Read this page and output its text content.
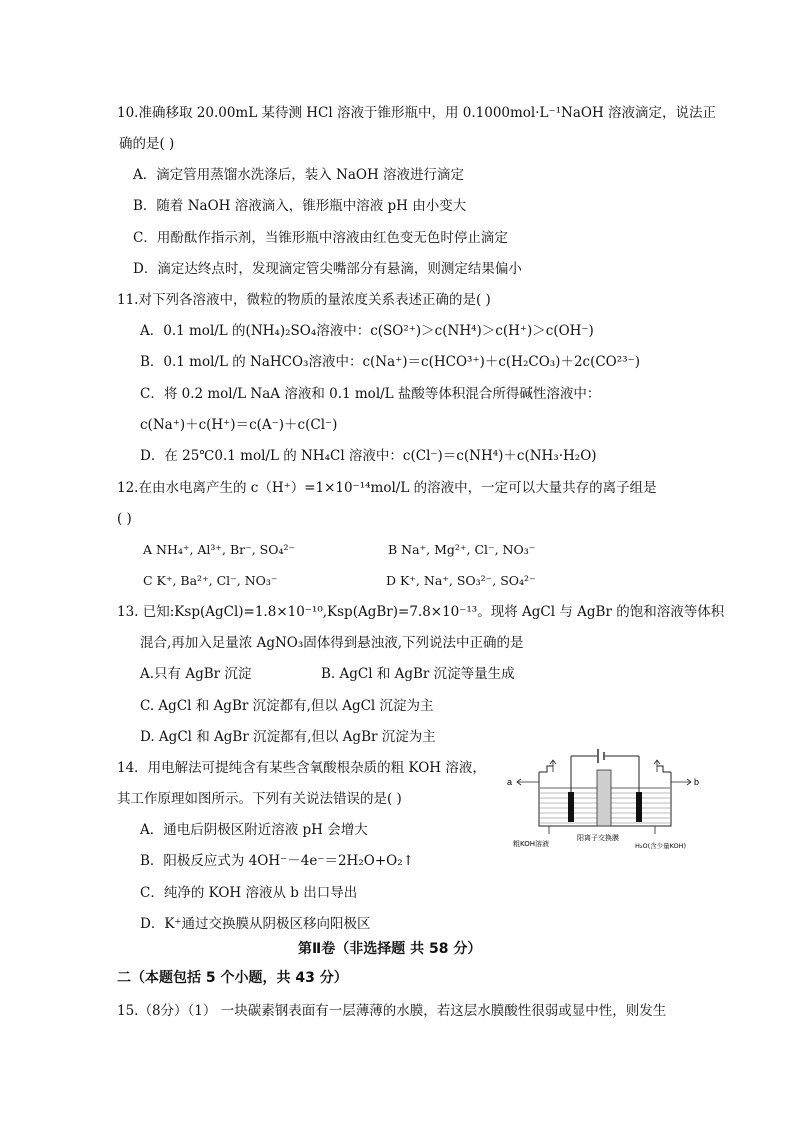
10.准确移取 20.00mL 某待测 HCl 溶液于锥形瓶中，用 0.1000mol·L⁻¹NaOH 溶液滴定，说法正
确的是( )
A．滴定管用蒸馏水洗涤后，装入 NaOH 溶液进行滴定
B．随着 NaOH 溶液滴入，锥形瓶中溶液 pH 由小变大
C．用酚酞作指示剂，当锥形瓶中溶液由红色变无色时停止滴定
D．滴定达终点时，发现滴定管尖嘴部分有悬滴，则测定结果偏小
11.对下列各溶液中，微粒的物质的量浓度关系表述正确的是( )
A．0.1 mol/L 的(NH₄)₂SO₄溶液中：c(SO²⁺)＞c(NH⁴)＞c(H⁺)＞c(OH⁻)
B．0.1 mol/L 的 NaHCO₃溶液中：c(Na⁺)＝c(HCO³⁺)＋c(H₂CO₃)＋2c(CO²³⁻)
C．将 0.2 mol/L NaA 溶液和 0.1 mol/L 盐酸等体积混合所得碱性溶液中：
c(Na⁺)＋c(H⁺)＝c(A⁻)＋c(Cl⁻)
D．在 25℃0.1 mol/L 的 NH₄Cl 溶液中：c(Cl⁻)＝c(NH⁴)＋c(NH₃·H₂O)
12.在由水电离产生的 c（H⁺）=1×10⁻¹⁴mol/L 的溶液中，一定可以大量共存的离子组是
( )
A NH₄⁺, Al³⁺, Br⁻, SO₄²⁻	B Na⁺, Mg²⁺, Cl⁻, NO₃⁻
C K⁺, Ba²⁺, Cl⁻, NO₃⁻	D K⁺, Na⁺, SO₃²⁻, SO₄²⁻
13. 已知:Ksp(AgCl)=1.8×10⁻¹⁰,Ksp(AgBr)=7.8×10⁻¹³。现将 AgCl 与 AgBr 的饱和溶液等体积
混合,再加入足量浓 AgNO₃固体得到悬浊液,下列说法中正确的是
A.只有 AgBr 沉淀	B. AgCl 和 AgBr 沉淀等量生成
C. AgCl 和 AgBr 沉淀都有,但以 AgCl 沉淀为主
D. AgCl 和 AgBr 沉淀都有,但以 AgBr 沉淀为主
14．用电解法可提纯含有某些含氧酸根杂质的粗 KOH 溶液，
其工作原理如图所示。下列有关说法错误的是( )
A．通电后阴极区附近溶液 pH 会增大
B．阳极反应式为 4OH⁻－4e⁻＝2H₂O+O₂↑
C．纯净的 KOH 溶液从 b 出口导出
D．K⁺通过交换膜从阴极区移向阳极区
a	b
粗KOH溶液
阳离子交换膜
H₂O(含少量KOH)
第Ⅱ卷（非选择题 共 58 分）
二（本题包括 5 个小题，共 43 分）
15.（8分）（1） 一块碳素钢表面有一层薄薄的水膜，若这层水膜酸性很弱或显中性，则发生
